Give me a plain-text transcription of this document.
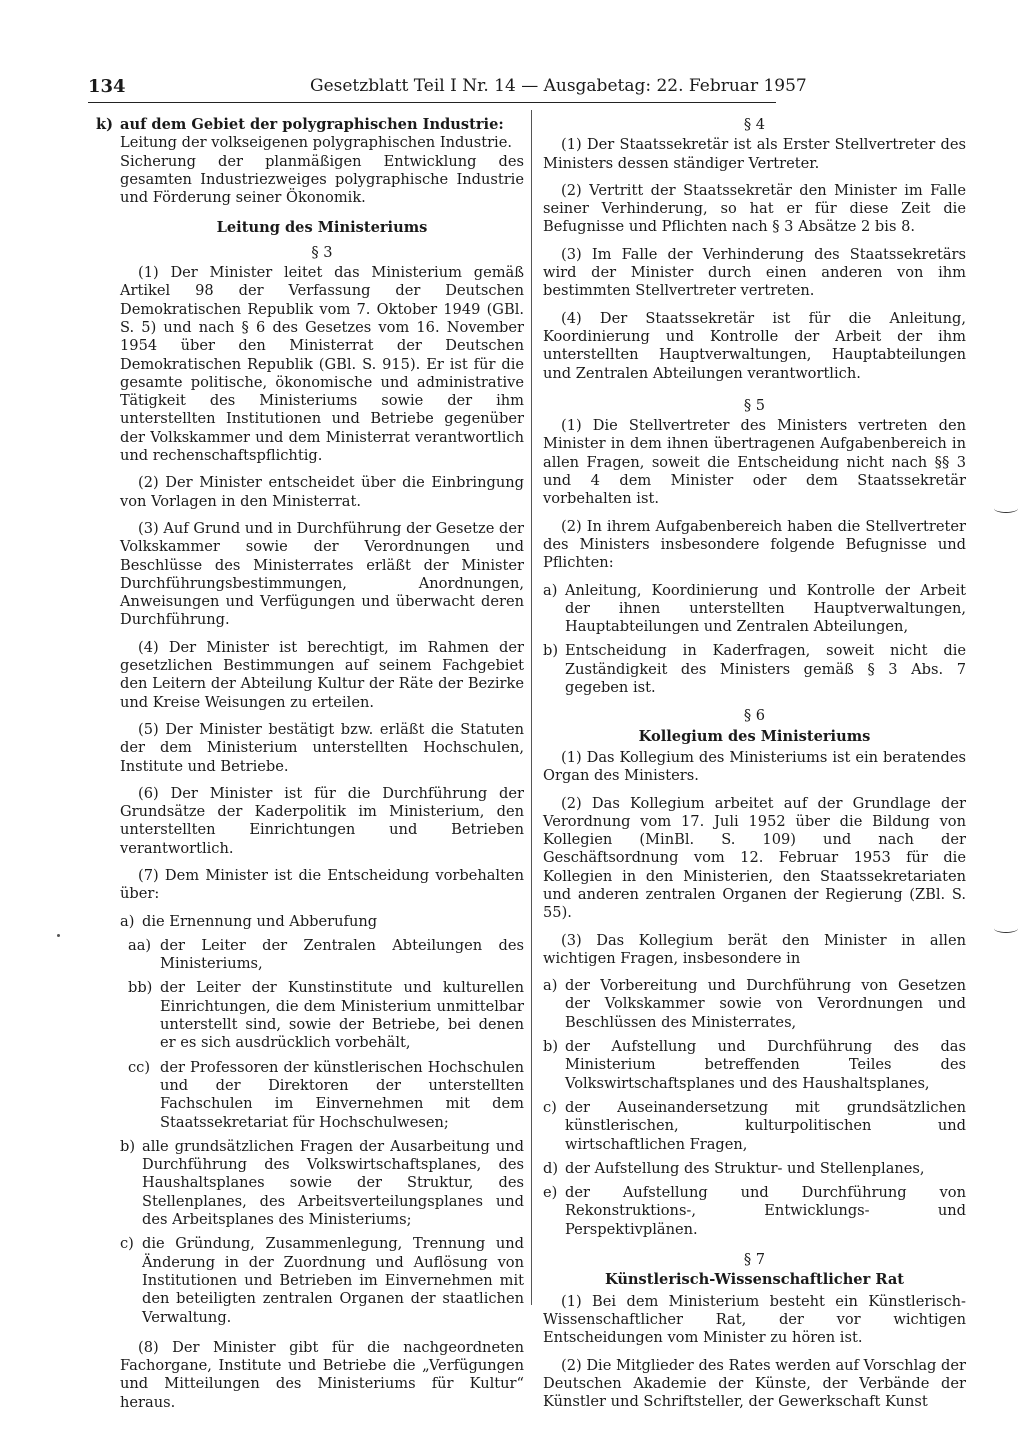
134	Gesetzblatt Teil I Nr. 14 — Ausgabetag: 22. Februar 1957
k) auf dem Gebiet der polygraphischen Industrie:
Leitung der volkseigenen polygraphischen Industrie.
Sicherung der planmäßigen Entwicklung des gesamten Industriezweiges polygraphische Industrie und Förderung seiner Ökonomik.
Leitung des Ministeriums
§ 3

(1) Der Minister leitet das Ministerium gemäß Artikel 98 der Verfassung der Deutschen Demokratischen Republik vom 7. Oktober 1949 (GBl. S. 5) und nach § 6 des Gesetzes vom 16. November 1954 über den Ministerrat der Deutschen Demokratischen Republik (GBl. S. 915). Er ist für die gesamte politische, ökonomische und administrative Tätigkeit des Ministeriums sowie der ihm unterstellten Institutionen und Betriebe gegenüber der Volkskammer und dem Ministerrat verantwortlich und rechenschaftspflichtig.

(2) Der Minister entscheidet über die Einbringung von Vorlagen in den Ministerrat.

(3) Auf Grund und in Durchführung der Gesetze der Volkskammer sowie der Verordnungen und Beschlüsse des Ministerrates erläßt der Minister Durchführungsbestimmungen, Anordnungen, Anweisungen und Verfügungen und überwacht deren Durchführung.

(4) Der Minister ist berechtigt, im Rahmen der gesetzlichen Bestimmungen auf seinem Fachgebiet den Leitern der Abteilung Kultur der Räte der Bezirke und Kreise Weisungen zu erteilen.

(5) Der Minister bestätigt bzw. erläßt die Statuten der dem Ministerium unterstellten Hochschulen, Institute und Betriebe.

(6) Der Minister ist für die Durchführung der Grundsätze der Kaderpolitik im Ministerium, den unterstellten Einrichtungen und Betrieben verantwortlich.

(7) Dem Minister ist die Entscheidung vorbehalten über:

a) die Ernennung und Abberufung
aa) der Leiter der Zentralen Abteilungen des Ministeriums,
bb) der Leiter der Kunstinstitute und kulturellen Einrichtungen, die dem Ministerium unmittelbar unterstellt sind, sowie der Betriebe, bei denen er es sich ausdrücklich vorbehält,
cc) der Professoren der künstlerischen Hochschulen und der Direktoren der unterstellten Fachschulen im Einvernehmen mit dem Staatssekretariat für Hochschulwesen;
b) alle grundsätzlichen Fragen der Ausarbeitung und Durchführung des Volkswirtschaftsplanes, des Haushaltsplanes sowie der Struktur, des Stellenplanes, des Arbeitsverteilungsplanes und des Arbeitsplanes des Ministeriums;
c) die Gründung, Zusammenlegung, Trennung und Änderung in der Zuordnung und Auflösung von Institutionen und Betrieben im Einvernehmen mit den beteiligten zentralen Organen der staatlichen Verwaltung.

(8) Der Minister gibt für die nachgeordneten Fachorgane, Institute und Betriebe die „Verfügungen und Mitteilungen des Ministeriums für Kultur“ heraus.

§ 4

(1) Der Staatssekretär ist als Erster Stellvertreter des Ministers dessen ständiger Vertreter.

(2) Vertritt der Staatssekretär den Minister im Falle seiner Verhinderung, so hat er für diese Zeit die Befugnisse und Pflichten nach § 3 Absätze 2 bis 8.

(3) Im Falle der Verhinderung des Staatssekretärs wird der Minister durch einen anderen von ihm bestimmten Stellvertreter vertreten.

(4) Der Staatssekretär ist für die Anleitung, Koordinierung und Kontrolle der Arbeit der ihm unterstellten Hauptverwaltungen, Hauptabteilungen und Zentralen Abteilungen verantwortlich.

§ 5

(1) Die Stellvertreter des Ministers vertreten den Minister in dem ihnen übertragenen Aufgabenbereich in allen Fragen, soweit die Entscheidung nicht nach §§ 3 und 4 dem Minister oder dem Staatssekretär vorbehalten ist.

(2) In ihrem Aufgabenbereich haben die Stellvertreter des Ministers insbesondere folgende Befugnisse und Pflichten:

a) Anleitung, Koordinierung und Kontrolle der Arbeit der ihnen unterstellten Hauptverwaltungen, Hauptabteilungen und Zentralen Abteilungen,
b) Entscheidung in Kaderfragen, soweit nicht die Zuständigkeit des Ministers gemäß § 3 Abs. 7 gegeben ist.
§ 6
Kollegium des Ministeriums

(1) Das Kollegium des Ministeriums ist ein beratendes Organ des Ministers.

(2) Das Kollegium arbeitet auf der Grundlage der Verordnung vom 17. Juli 1952 über die Bildung von Kollegien (MinBl. S. 109) und nach der Geschäftsordnung vom 12. Februar 1953 für die Kollegien in den Ministerien, den Staatssekretariaten und anderen zentralen Organen der Regierung (ZBl. S. 55).

(3) Das Kollegium berät den Minister in allen wichtigen Fragen, insbesondere in

a) der Vorbereitung und Durchführung von Gesetzen der Volkskammer sowie von Verordnungen und Beschlüssen des Ministerrates,
b) der Aufstellung und Durchführung des das Ministerium betreffenden Teiles des Volkswirtschaftsplanes und des Haushaltsplanes,
c) der Auseinandersetzung mit grundsätzlichen künstlerischen, kulturpolitischen und wirtschaftlichen Fragen,
d) der Aufstellung des Struktur- und Stellenplanes,
e) der Aufstellung und Durchführung von Rekonstruktions-, Entwicklungs- und Perspektivplänen.
§ 7
Künstlerisch-Wissenschaftlicher Rat

(1) Bei dem Ministerium besteht ein Künstlerisch-Wissenschaftlicher Rat, der vor wichtigen Entscheidungen vom Minister zu hören ist.

(2) Die Mitglieder des Rates werden auf Vorschlag der Deutschen Akademie der Künste, der Verbände der Künstler und Schriftsteller, der Gewerkschaft Kunst
